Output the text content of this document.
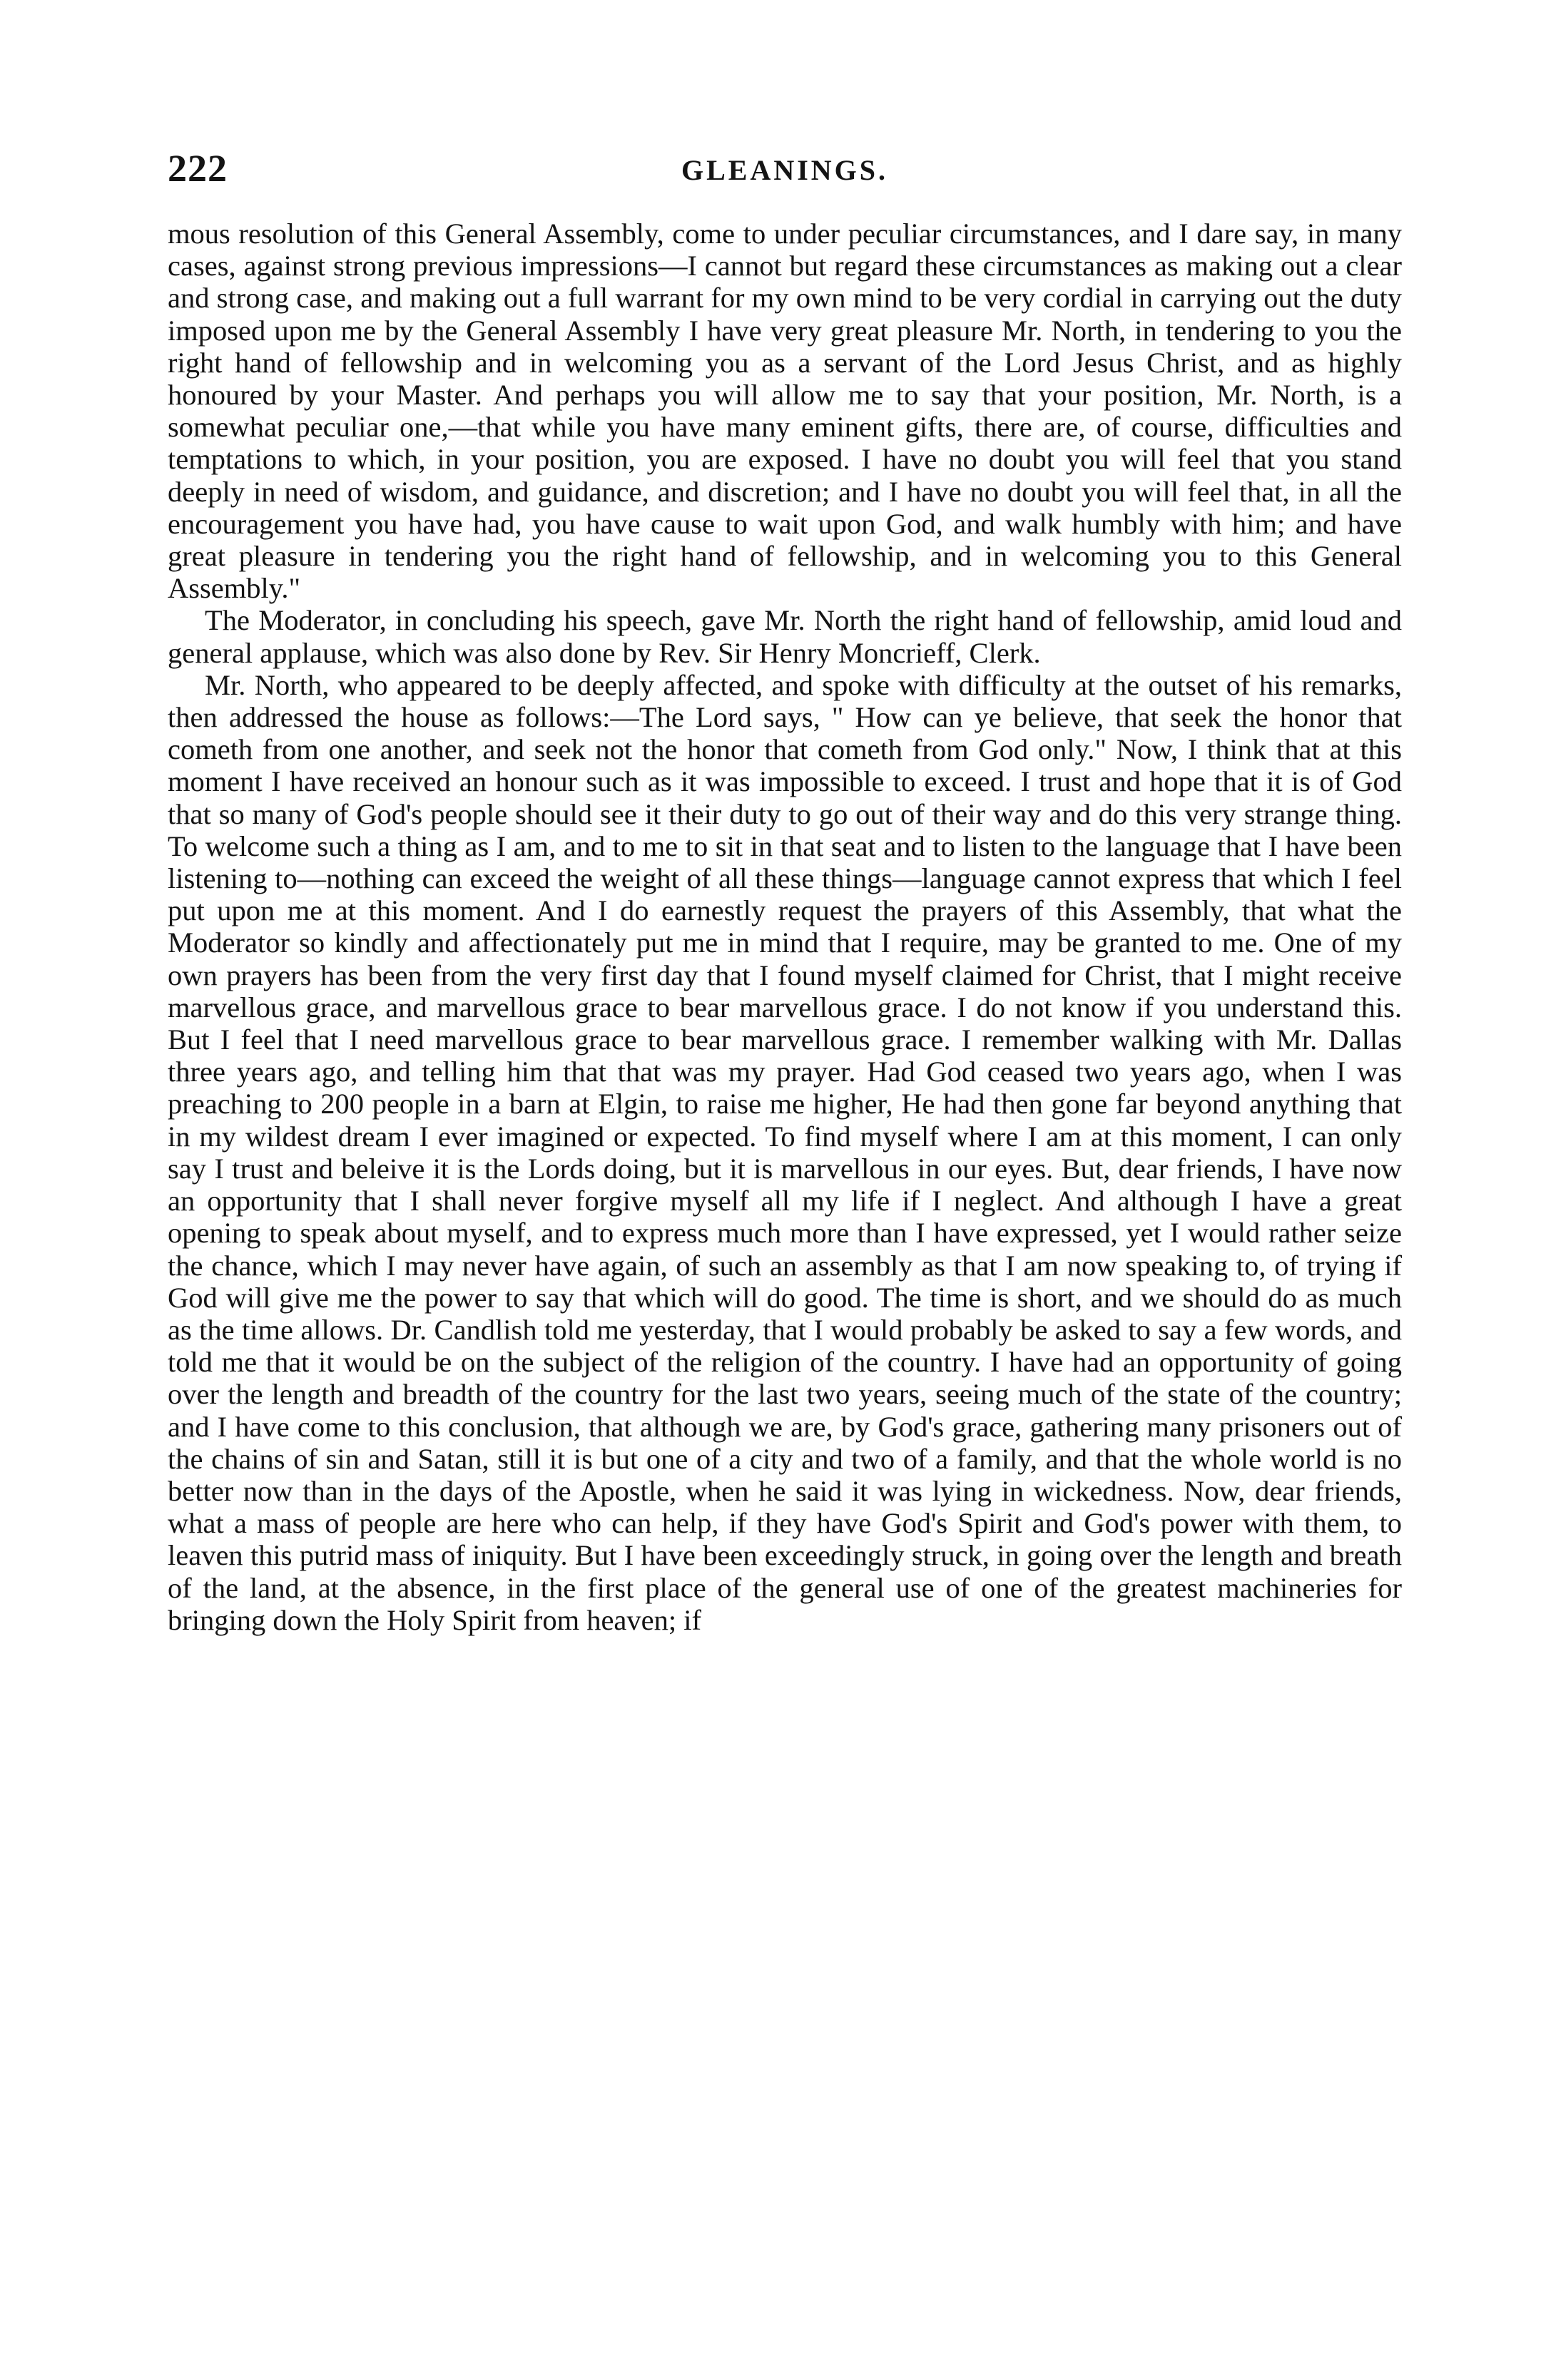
222	GLEANINGS.

mous resolution of this General Assembly, come to under peculiar circumstances, and I dare say, in many cases, against strong previous impressions—I cannot but regard these circumstances as making out a clear and strong case, and making out a full warrant for my own mind to be very cordial in carrying out the duty imposed upon me by the General Assembly I have very great pleasure Mr. North, in tendering to you the right hand of fellowship and in welcoming you as a servant of the Lord Jesus Christ, and as highly honoured by your Master. And perhaps you will allow me to say that your position, Mr. North, is a somewhat peculiar one,—that while you have many eminent gifts, there are, of course, difficulties and temptations to which, in your position, you are exposed. I have no doubt you will feel that you stand deeply in need of wisdom, and guidance, and discretion; and I have no doubt you will feel that, in all the encouragement you have had, you have cause to wait upon God, and walk humbly with him; and have great pleasure in tendering you the right hand of fellowship, and in welcoming you to this General Assembly."

The Moderator, in concluding his speech, gave Mr. North the right hand of fellowship, amid loud and general applause, which was also done by Rev. Sir Henry Moncrieff, Clerk.

Mr. North, who appeared to be deeply affected, and spoke with difficulty at the outset of his remarks, then addressed the house as follows:—The Lord says, " How can ye believe, that seek the honor that cometh from one another, and seek not the honor that cometh from God only." Now, I think that at this moment I have received an honour such as it was impossible to exceed. I trust and hope that it is of God that so many of God's people should see it their duty to go out of their way and do this very strange thing. To welcome such a thing as I am, and to me to sit in that seat and to listen to the language that I have been listening to—nothing can exceed the weight of all these things—language cannot express that which I feel put upon me at this moment. And I do earnestly request the prayers of this Assembly, that what the Moderator so kindly and affectionately put me in mind that I require, may be granted to me. One of my own prayers has been from the very first day that I found myself claimed for Christ, that I might receive marvellous grace, and marvellous grace to bear marvellous grace. I do not know if you understand this. But I feel that I need marvellous grace to bear marvellous grace. I remember walking with Mr. Dallas three years ago, and telling him that that was my prayer. Had God ceased two years ago, when I was preaching to 200 people in a barn at Elgin, to raise me higher, He had then gone far beyond anything that in my wildest dream I ever imagined or expected. To find myself where I am at this moment, I can only say I trust and beleive it is the Lords doing, but it is marvellous in our eyes. But, dear friends, I have now an opportunity that I shall never forgive myself all my life if I neglect. And although I have a great opening to speak about myself, and to express much more than I have expressed, yet I would rather seize the chance, which I may never have again, of such an assembly as that I am now speaking to, of trying if God will give me the power to say that which will do good. The time is short, and we should do as much as the time allows. Dr. Candlish told me yesterday, that I would probably be asked to say a few words, and told me that it would be on the subject of the religion of the country. I have had an opportunity of going over the length and breadth of the country for the last two years, seeing much of the state of the country; and I have come to this conclusion, that although we are, by God's grace, gathering many prisoners out of the chains of sin and Satan, still it is but one of a city and two of a family, and that the whole world is no better now than in the days of the Apostle, when he said it was lying in wickedness. Now, dear friends, what a mass of people are here who can help, if they have God's Spirit and God's power with them, to leaven this putrid mass of iniquity. But I have been exceedingly struck, in going over the length and breath of the land, at the absence, in the first place of the general use of one of the greatest machineries for bringing down the Holy Spirit from heaven; if
